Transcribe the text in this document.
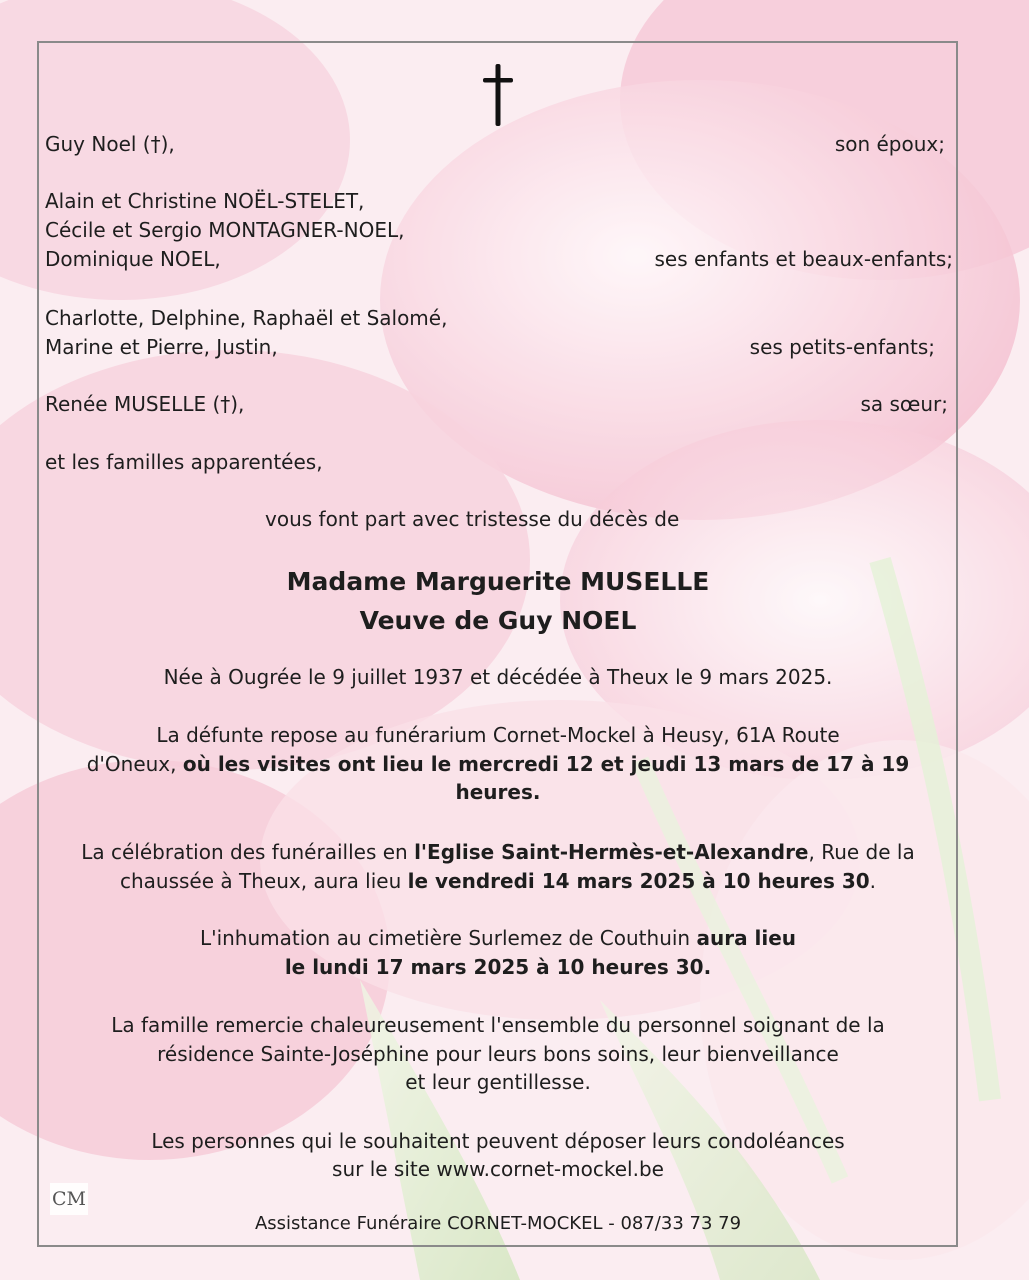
Guy Noel (†),	son époux;
Alain et Christine NOËL-STELET,
Cécile et Sergio MONTAGNER-NOEL,
Dominique NOEL,	ses enfants et beaux-enfants;
Charlotte, Delphine, Raphaël et Salomé,
Marine et Pierre, Justin,	ses petits-enfants;
Renée MUSELLE (†),	sa sœur;
et les familles apparentées,
vous font part avec tristesse du décès de
Madame Marguerite MUSELLE
Veuve de Guy NOEL
Née à Ougrée le 9 juillet 1937 et décédée à Theux le 9 mars 2025.
La défunte repose au funérarium Cornet-Mockel à Heusy, 61A Route
d'Oneux, où les visites ont lieu le mercredi 12 et jeudi 13 mars de 17 à 19
heures.
La célébration des funérailles en l'Eglise Saint-Hermès-et-Alexandre, Rue de la
chaussée à Theux, aura lieu le vendredi 14 mars 2025 à 10 heures 30.
L'inhumation au cimetière Surlemez de Couthuin aura lieu
le lundi 17 mars 2025 à 10 heures 30.
La famille remercie chaleureusement l'ensemble du personnel soignant de la
résidence Sainte-Joséphine pour leurs bons soins, leur bienveillance
et leur gentillesse.
Les personnes qui le souhaitent peuvent déposer leurs condoléances
sur le site www.cornet-mockel.be
CM
Assistance Funéraire CORNET-MOCKEL - 087/33 73 79
